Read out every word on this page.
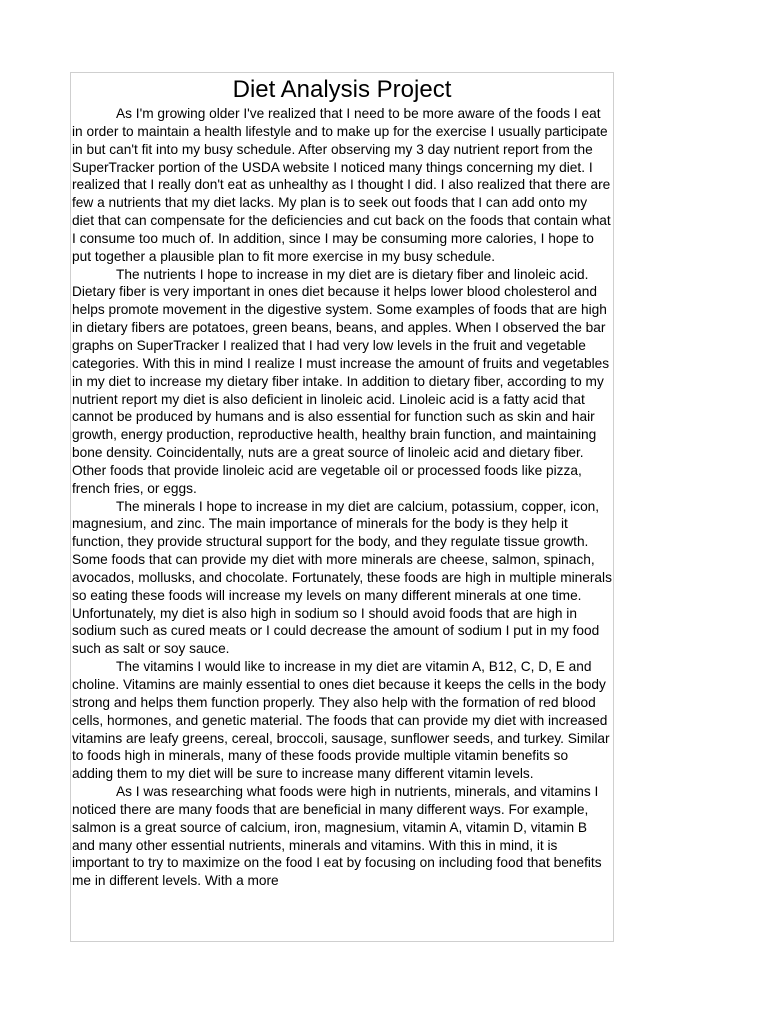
Diet Analysis Project

As I'm growing older I've realized that I need to be more aware of the foods I eat in order to maintain a health lifestyle and to make up for the exercise I usually participate in but can't fit into my busy schedule. After observing my 3 day nutrient report from the SuperTracker portion of the USDA website I noticed many things concerning my diet. I realized that I really don't eat as unhealthy as I thought I did. I also realized that there are few a nutrients that my diet lacks. My plan is to seek out foods that I can add onto my diet that can compensate for the deficiencies and cut back on the foods that contain what I consume too much of. In addition, since I may be consuming more calories, I hope to put together a plausible plan to fit more exercise in my busy schedule.

The nutrients I hope to increase in my diet are is dietary fiber and linoleic acid. Dietary fiber is very important in ones diet because it helps lower blood cholesterol and helps promote movement in the digestive system. Some examples of foods that are high in dietary fibers are potatoes, green beans, beans, and apples. When I observed the bar graphs on SuperTracker I realized that I had very low levels in the fruit and vegetable categories. With this in mind I realize I must increase the amount of fruits and vegetables in my diet to increase my dietary fiber intake. In addition to dietary fiber, according to my nutrient report my diet is also deficient in linoleic acid. Linoleic acid is a fatty acid that cannot be produced by humans and is also essential for function such as skin and hair growth, energy production, reproductive health, healthy brain function, and maintaining bone density. Coincidentally, nuts are a great source of linoleic acid and dietary fiber. Other foods that provide linoleic acid are vegetable oil or processed foods like pizza, french fries, or eggs.

The minerals I hope to increase in my diet are calcium, potassium, copper, icon, magnesium, and zinc. The main importance of minerals for the body is they help it function, they provide structural support for the body, and they regulate tissue growth. Some foods that can provide my diet with more minerals are cheese, salmon, spinach, avocados, mollusks, and chocolate. Fortunately, these foods are high in multiple minerals so eating these foods will increase my levels on many different minerals at one time. Unfortunately, my diet is also high in sodium so I should avoid foods that are high in sodium such as cured meats or I could decrease the amount of sodium I put in my food such as salt or soy sauce.

The vitamins I would like to increase in my diet are vitamin A, B12, C, D, E and choline. Vitamins are mainly essential to ones diet because it keeps the cells in the body strong and helps them function properly. They also help with the formation of red blood cells, hormones, and genetic material. The foods that can provide my diet with increased vitamins are leafy greens, cereal, broccoli, sausage, sunflower seeds, and turkey. Similar to foods high in minerals, many of these foods provide multiple vitamin benefits so adding them to my diet will be sure to increase many different vitamin levels.

As I was researching what foods were high in nutrients, minerals, and vitamins I noticed there are many foods that are beneficial in many different ways. For example, salmon is a great source of calcium, iron, magnesium, vitamin A, vitamin D, vitamin B and many other essential nutrients, minerals and vitamins. With this in mind, it is important to try to maximize on the food I eat by focusing on including food that benefits me in different levels. With a more
